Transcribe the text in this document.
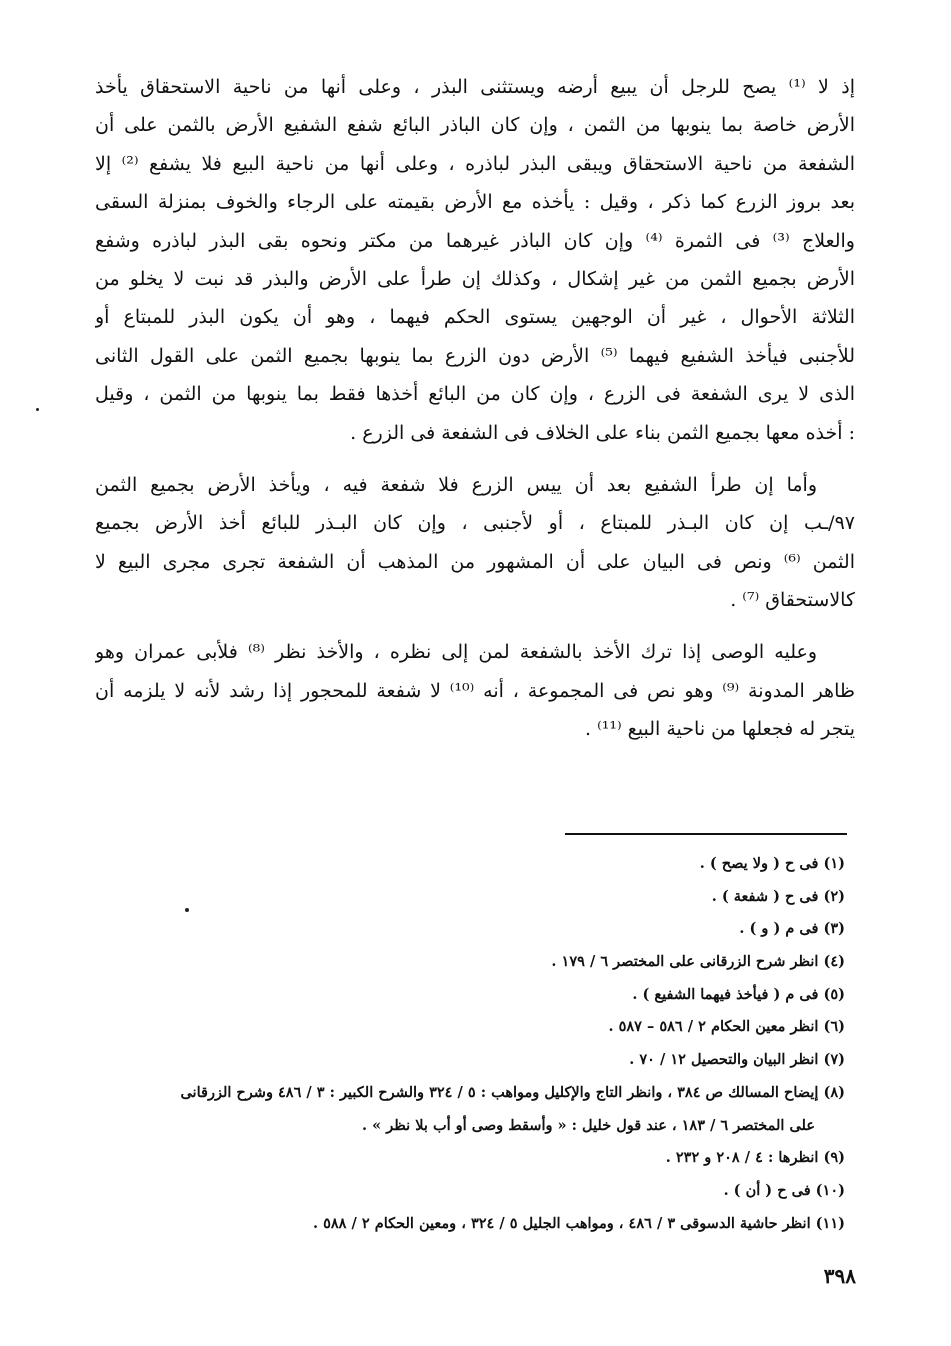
إذ لا ⁽¹⁾ يصح للرجل أن يبيع أرضه ويستثنى البذر ، وعلى أنها من ناحية الاستحقاق يأخذ
الأرض خاصة بما ينوبها من الثمن ، وإن كان الباذر البائع شفع الشفيع الأرض بالثمن على أن
الشفعة من ناحية الاستحقاق ويبقى البذر لباذره ، وعلى أنها من ناحية البيع فلا يشفع ⁽²⁾ إلا
بعد بروز الزرع كما ذكر ، وقيل : يأخذه مع الأرض بقيمته على الرجاء والخوف بمنزلة السقى
والعلاج ⁽³⁾ فى الثمرة ⁽⁴⁾ وإن كان الباذر غيرهما من مكتر ونحوه بقى البذر لباذره وشفع
الأرض بجميع الثمن من غير إشكال ، وكذلك إن طرأ على الأرض والبذر قد نبت لا يخلو من
الثلاثة الأحوال ، غير أن الوجهين يستوى الحكم فيهما ، وهو أن يكون البذر للمبتاع أو
للأجنبى فيأخذ الشفيع فيهما ⁽⁵⁾ الأرض دون الزرع بما ينوبها بجميع الثمن على القول الثانى
الذى لا يرى الشفعة فى الزرع ، وإن كان من البائع أخذها فقط بما ينوبها من الثمن ، وقيل
: أخذه معها بجميع الثمن بناء على الخلاف فى الشفعة فى الزرع .
وأما إن طرأ الشفيع بعد أن ييس الزرع فلا شفعة فيه ، ويأخذ الأرض بجميع الثمن
٩٧/ـب إن كان البـذر للمبتاع ، أو لأجنبى ، وإن كان البـذر للبائع أخذ الأرض بجميع
الثمن ⁽⁶⁾ ونص فى البيان على أن المشهور من المذهب أن الشفعة تجرى مجرى البيع لا
كالاستحقاق ⁽⁷⁾ .
وعليه الوصى إذا ترك الأخذ بالشفعة لمن إلى نظره ، والأخذ نظر ⁽⁸⁾ فلأبى عمران وهو
ظاهر المدونة ⁽⁹⁾ وهو نص فى المجموعة ، أنه ⁽¹⁰⁾ لا شفعة للمحجور إذا رشد لأنه لا يلزمه أن
يتجر له فجعلها من ناحية البيع ⁽¹¹⁾ .
(١) فى ح ( ولا يصح ) .
(٢) فى ح ( شفعة ) .
(٣) فى م ( و ) .
(٤) انظر شرح الزرقانى على المختصر ٦ / ١٧٩ .
(٥) فى م ( فيأخذ فيهما الشفيع ) .
(٦) انظر معين الحكام ٢ / ٥٨٦ – ٥٨٧ .
(٧) انظر البيان والتحصيل ١٢ / ٧٠ .
(٨) إيضاح المسالك ص ٣٨٤ ، وانظر التاج والإكليل ومواهب : ٥ / ٣٢٤ والشرح الكبير : ٣ / ٤٨٦ وشرح الزرقانى
على المختصر ٦ / ١٨٣ ، عند قول خليل : « وأسقط وصى أو أب بلا نظر » .
(٩) انظرها : ٤ / ٢٠٨ و ٢٣٢ .
(١٠) فى ح ( أن ) .
(١١) انظر حاشية الدسوقى ٣ / ٤٨٦ ، ومواهب الجليل ٥ / ٣٢٤ ، ومعين الحكام ٢ / ٥٨٨ .
٣٩٨
